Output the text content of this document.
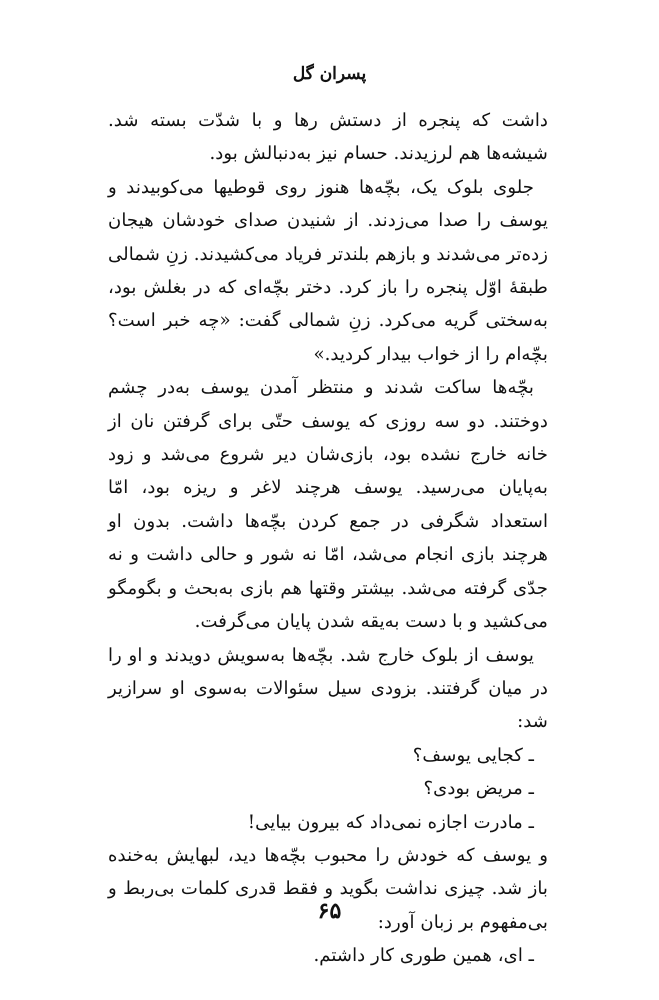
پسران گل

داشت که پنجره از دستش رها و با شدّت بسته شد. شیشه‌ها هم لرزیدند. حسام نیز به‌دنبالش بود.

جلوی بلوک یک، بچّه‌ها هنوز روی قوطیها می‌کوبیدند و یوسف را صدا می‌زدند. از شنیدن صدای خودشان هیجان زده‌تر می‌شدند و بازهم بلندتر فریاد می‌کشیدند. زنِ شمالی طبقهٔ اوّل پنجره را باز کرد. دختر بچّه‌ای که در بغلش بود، به‌سختی گریه می‌کرد. زنِ شمالی گفت: «چه خبر است؟ بچّه‌ام را از خواب بیدار کردید.»

بچّه‌ها ساکت شدند و منتظر آمدن یوسف به‌در چشم دوختند. دو سه روزی که یوسف حتّی برای گرفتن نان از خانه خارج نشده بود، بازی‌شان دیر شروع می‌شد و زود به‌پایان می‌رسید. یوسف هرچند لاغر و ریزه بود، امّا استعداد شگرفی در جمع کردن بچّه‌ها داشت. بدون او هرچند بازی انجام می‌شد، امّا نه شور و حالی داشت و نه جدّی گرفته می‌شد. بیشتر وقتها هم بازی به‌بحث و بگومگو می‌کشید و با دست به‌یقه شدن پایان می‌گرفت.

یوسف از بلوک خارج شد. بچّه‌ها به‌سویش دویدند و او را در میان گرفتند. بزودی سیل سئوالات به‌سوی او سرازیر شد:

ـ کجایی یوسف؟

ـ مریض بودی؟

ـ مادرت اجازه نمی‌داد که بیرون بیایی!

و یوسف که خودش را محبوب بچّه‌ها دید، لبهایش به‌خنده باز شد. چیزی نداشت بگوید و فقط قدری کلمات بی‌ربط و بی‌مفهوم بر زبان آورد:

ـ ای، همین طوری کار داشتم.

۶۵
